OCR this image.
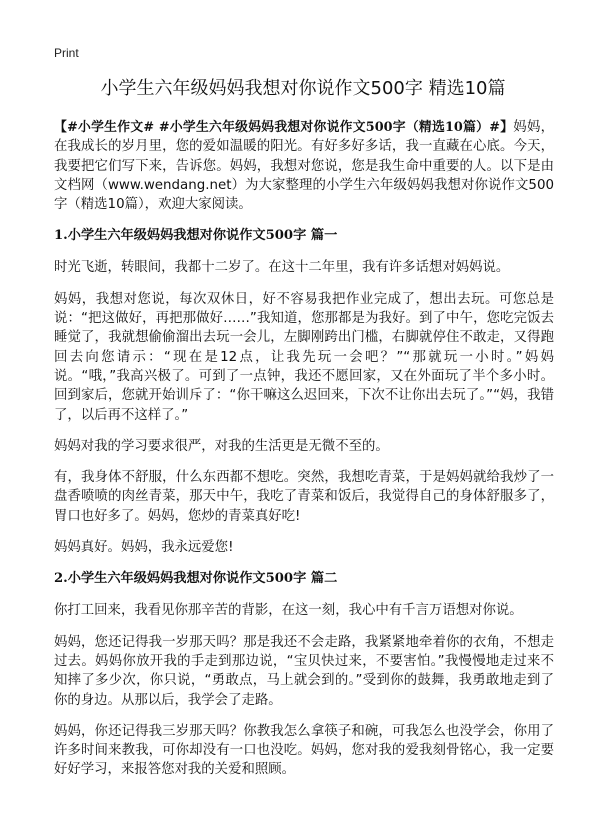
Print
小学生六年级妈妈我想对你说作文500字 精选10篇

【#小学生作文# #小学生六年级妈妈我想对你说作文500字（精选10篇）#】妈妈，在我成长的岁月里，您的爱如温暖的阳光。有好多好多话，我一直藏在心底。今天，我要把它们写下来，告诉您。妈妈，我想对您说，您是我生命中重要的人。以下是由文档网（www.wendang.net）为大家整理的小学生六年级妈妈我想对你说作文500字（精选10篇），欢迎大家阅读。

1.小学生六年级妈妈我想对你说作文500字 篇一

时光飞逝，转眼间，我都十二岁了。在这十二年里，我有许多话想对妈妈说。

妈妈，我想对您说，每次双休日，好不容易我把作业完成了，想出去玩。可您总是说：“把这做好，再把那做好……”我知道，您那都是为我好。到了中午，您吃完饭去睡觉了，我就想偷偷溜出去玩一会儿，左脚刚跨出门槛，右脚就停住不敢走，又得跑回去向您请示：“现在是12点，让我先玩一会吧？”“那就玩一小时。”妈妈说。“哦，”我高兴极了。可到了一点钟，我还不愿回家，又在外面玩了半个多小时。回到家后，您就开始训斥了：“你干嘛这么迟回来，下次不让你出去玩了。”“妈，我错了，以后再不这样了。”

妈妈对我的学习要求很严，对我的生活更是无微不至的。

有，我身体不舒服，什么东西都不想吃。突然，我想吃青菜，于是妈妈就给我炒了一盘香喷喷的肉丝青菜，那天中午，我吃了青菜和饭后，我觉得自己的身体舒服多了，胃口也好多了。妈妈，您炒的青菜真好吃!

妈妈真好。妈妈，我永远爱您!

2.小学生六年级妈妈我想对你说作文500字 篇二

你打工回来，我看见你那辛苦的背影，在这一刻，我心中有千言万语想对你说。

妈妈，您还记得我一岁那天吗？那是我还不会走路，我紧紧地牵着你的衣角，不想走过去。妈妈你放开我的手走到那边说，“宝贝快过来，不要害怕。”我慢慢地走过来不知摔了多少次，你只说，“勇敢点，马上就会到的。”受到你的鼓舞，我勇敢地走到了你的身边。从那以后，我学会了走路。

妈妈，你还记得我三岁那天吗？你教我怎么拿筷子和碗，可我怎么也没学会，你用了许多时间来教我，可你却没有一口也没吃。妈妈，您对我的爱我刻骨铭心，我一定要好好学习，来报答您对我的关爱和照顾。
